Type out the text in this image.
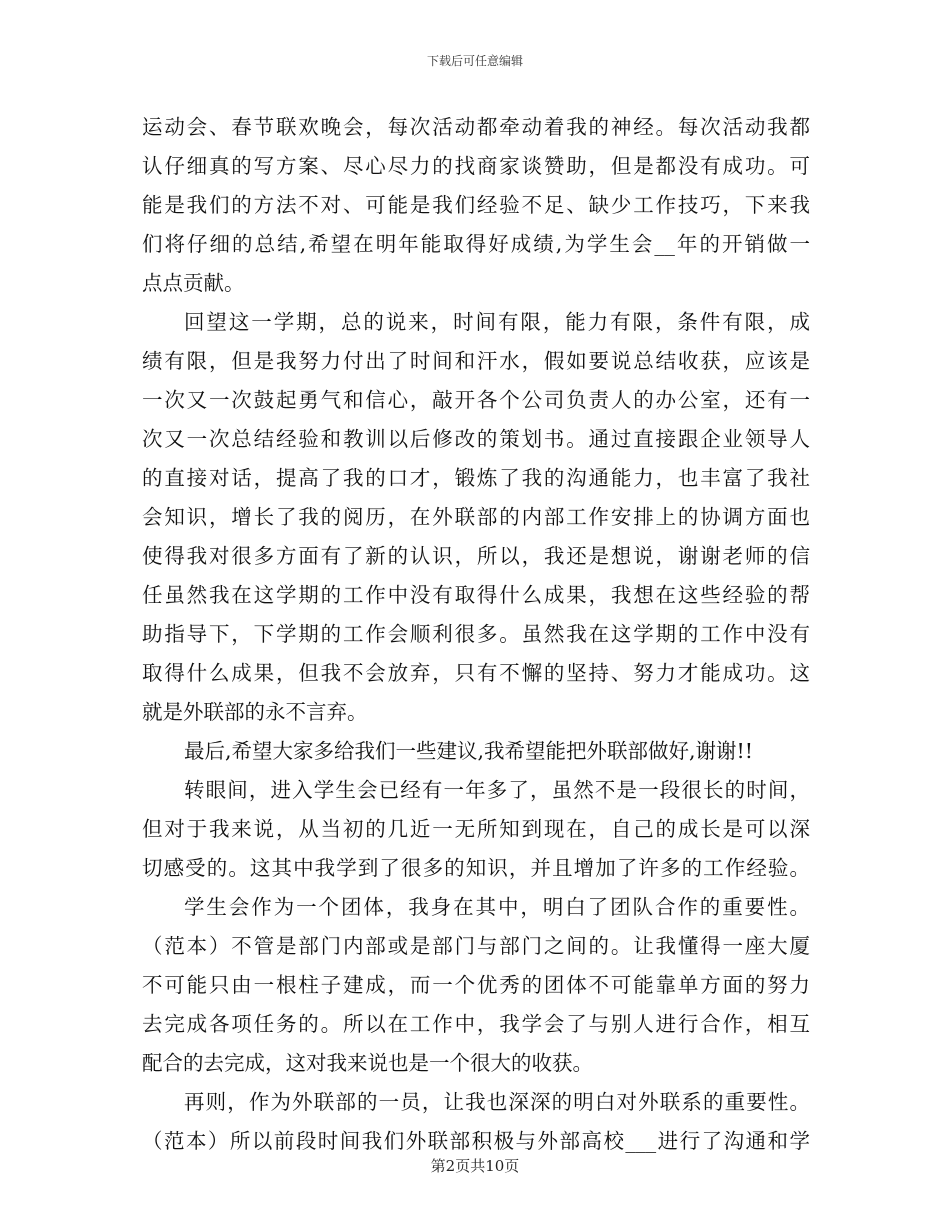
下载后可任意编辑
运动会、春节联欢晚会，每次活动都牵动着我的神经。每次活动我都
认仔细真的写方案、尽心尽力的找商家谈赞助，但是都没有成功。可
能是我们的方法不对、可能是我们经验不足、缺少工作技巧，下来我
们将仔细的总结,希望在明年能取得好成绩,为学生会__年的开销做一
点点贡献。
回望这一学期，总的说来，时间有限，能力有限，条件有限，成
绩有限，但是我努力付出了时间和汗水，假如要说总结收获，应该是
一次又一次鼓起勇气和信心，敲开各个公司负责人的办公室，还有一
次又一次总结经验和教训以后修改的策划书。通过直接跟企业领导人
的直接对话，提高了我的口才，锻炼了我的沟通能力，也丰富了我社
会知识，增长了我的阅历，在外联部的内部工作安排上的协调方面也
使得我对很多方面有了新的认识，所以，我还是想说，谢谢老师的信
任虽然我在这学期的工作中没有取得什么成果，我想在这些经验的帮
助指导下，下学期的工作会顺利很多。虽然我在这学期的工作中没有
取得什么成果，但我不会放弃，只有不懈的坚持、努力才能成功。这
就是外联部的永不言弃。
最后,希望大家多给我们一些建议,我希望能把外联部做好,谢谢!!
转眼间，进入学生会已经有一年多了，虽然不是一段很长的时间，
但对于我来说，从当初的几近一无所知到现在，自己的成长是可以深
切感受的。这其中我学到了很多的知识，并且增加了许多的工作经验。
学生会作为一个团体，我身在其中，明白了团队合作的重要性。
（范本）不管是部门内部或是部门与部门之间的。让我懂得一座大厦
不可能只由一根柱子建成，而一个优秀的团体不可能靠单方面的努力
去完成各项任务的。所以在工作中，我学会了与别人进行合作，相互
配合的去完成，这对我来说也是一个很大的收获。
再则，作为外联部的一员，让我也深深的明白对外联系的重要性。
（范本）所以前段时间我们外联部积极与外部高校___进行了沟通和学
第2页共10页
